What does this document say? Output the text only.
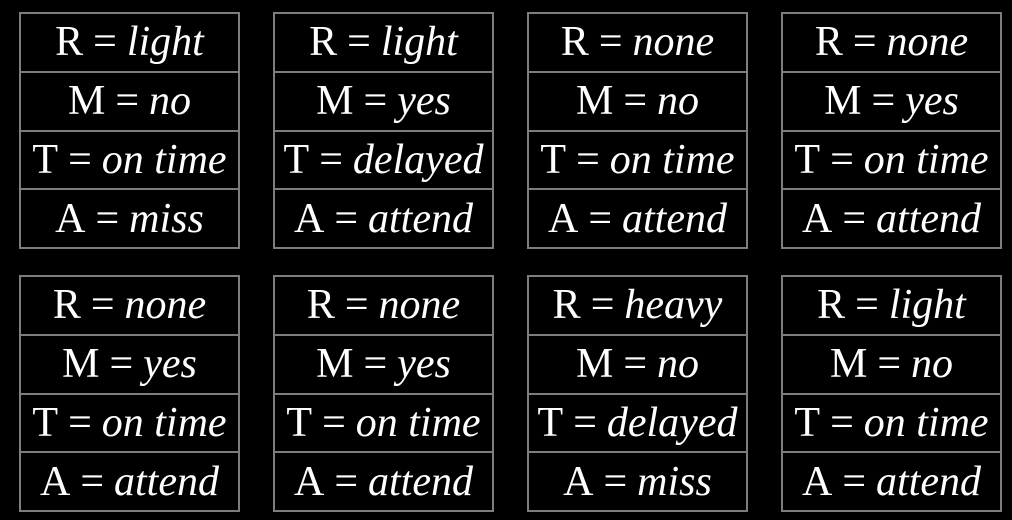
R = light
M = no
T = on time
A = miss
R = light
M = yes
T = delayed
A = attend
R = none
M = no
T = on time
A = attend
R = none
M = yes
T = on time
A = attend
R = none
M = yes
T = on time
A = attend
R = none
M = yes
T = on time
A = attend
R = heavy
M = no
T = delayed
A = miss
R = light
M = no
T = on time
A = attend
